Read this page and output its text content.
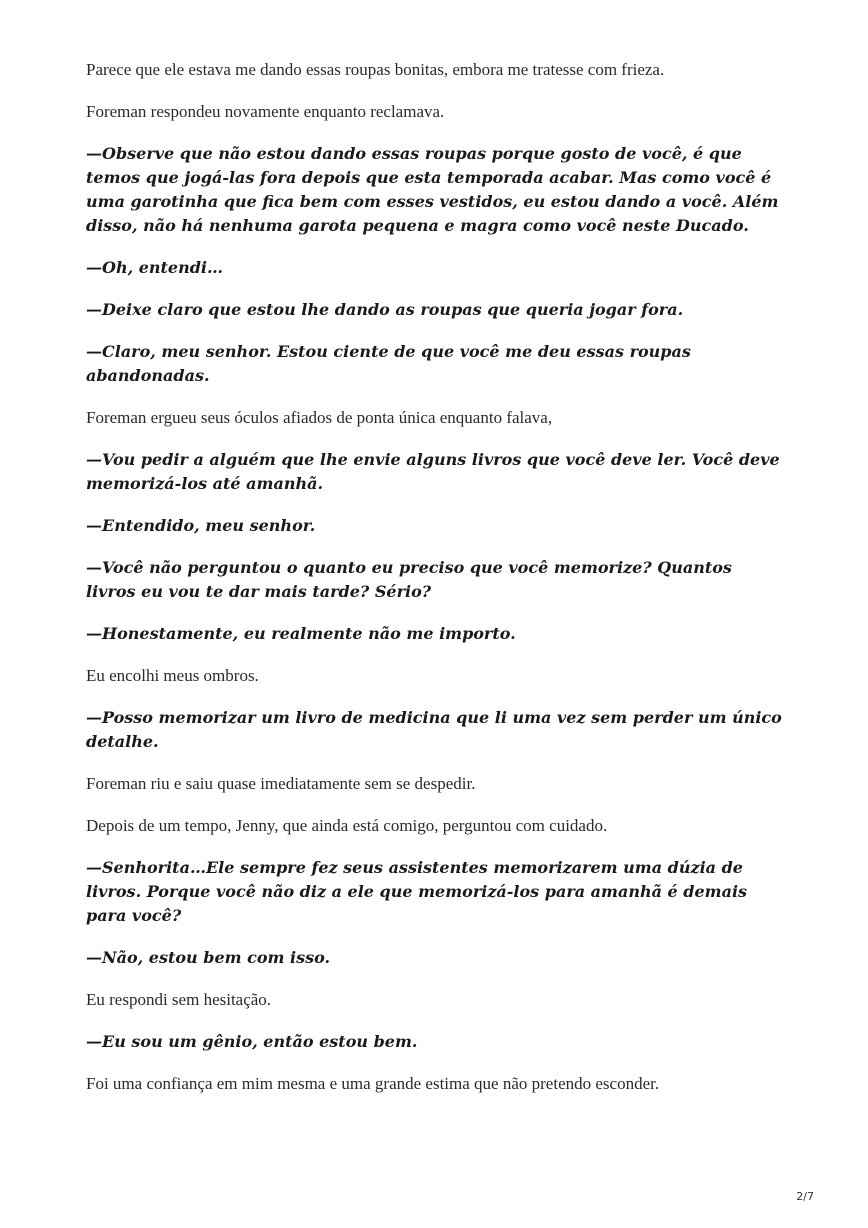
Parece que ele estava me dando essas roupas bonitas, embora me tratesse com frieza.

Foreman respondeu novamente enquanto reclamava.

—Observe que não estou dando essas roupas porque gosto de você, é que temos que jogá-las fora depois que esta temporada acabar. Mas como você é uma garotinha que fica bem com esses vestidos, eu estou dando a você. Além disso, não há nenhuma garota pequena e magra como você neste Ducado.

—Oh, entendi…

—Deixe claro que estou lhe dando as roupas que queria jogar fora.

—Claro, meu senhor. Estou ciente de que você me deu essas roupas abandonadas.

Foreman ergueu seus óculos afiados de ponta única enquanto falava,

—Vou pedir a alguém que lhe envie alguns livros que você deve ler. Você deve memorizá-los até amanhã.

—Entendido, meu senhor.

—Você não perguntou o quanto eu preciso que você memorize? Quantos livros eu vou te dar mais tarde? Sério?

—Honestamente, eu realmente não me importo.

Eu encolhi meus ombros.

—Posso memorizar um livro de medicina que li uma vez sem perder um único detalhe.

Foreman riu e saiu quase imediatamente sem se despedir.

Depois de um tempo, Jenny, que ainda está comigo, perguntou com cuidado.

—Senhorita…Ele sempre fez seus assistentes memorizarem uma dúzia de livros. Porque você não diz a ele que memorizá-los para amanhã é demais para você?

—Não, estou bem com isso.

Eu respondi sem hesitação.

—Eu sou um gênio, então estou bem.

Foi uma confiança em mim mesma e uma grande estima que não pretendo esconder.

2/7
